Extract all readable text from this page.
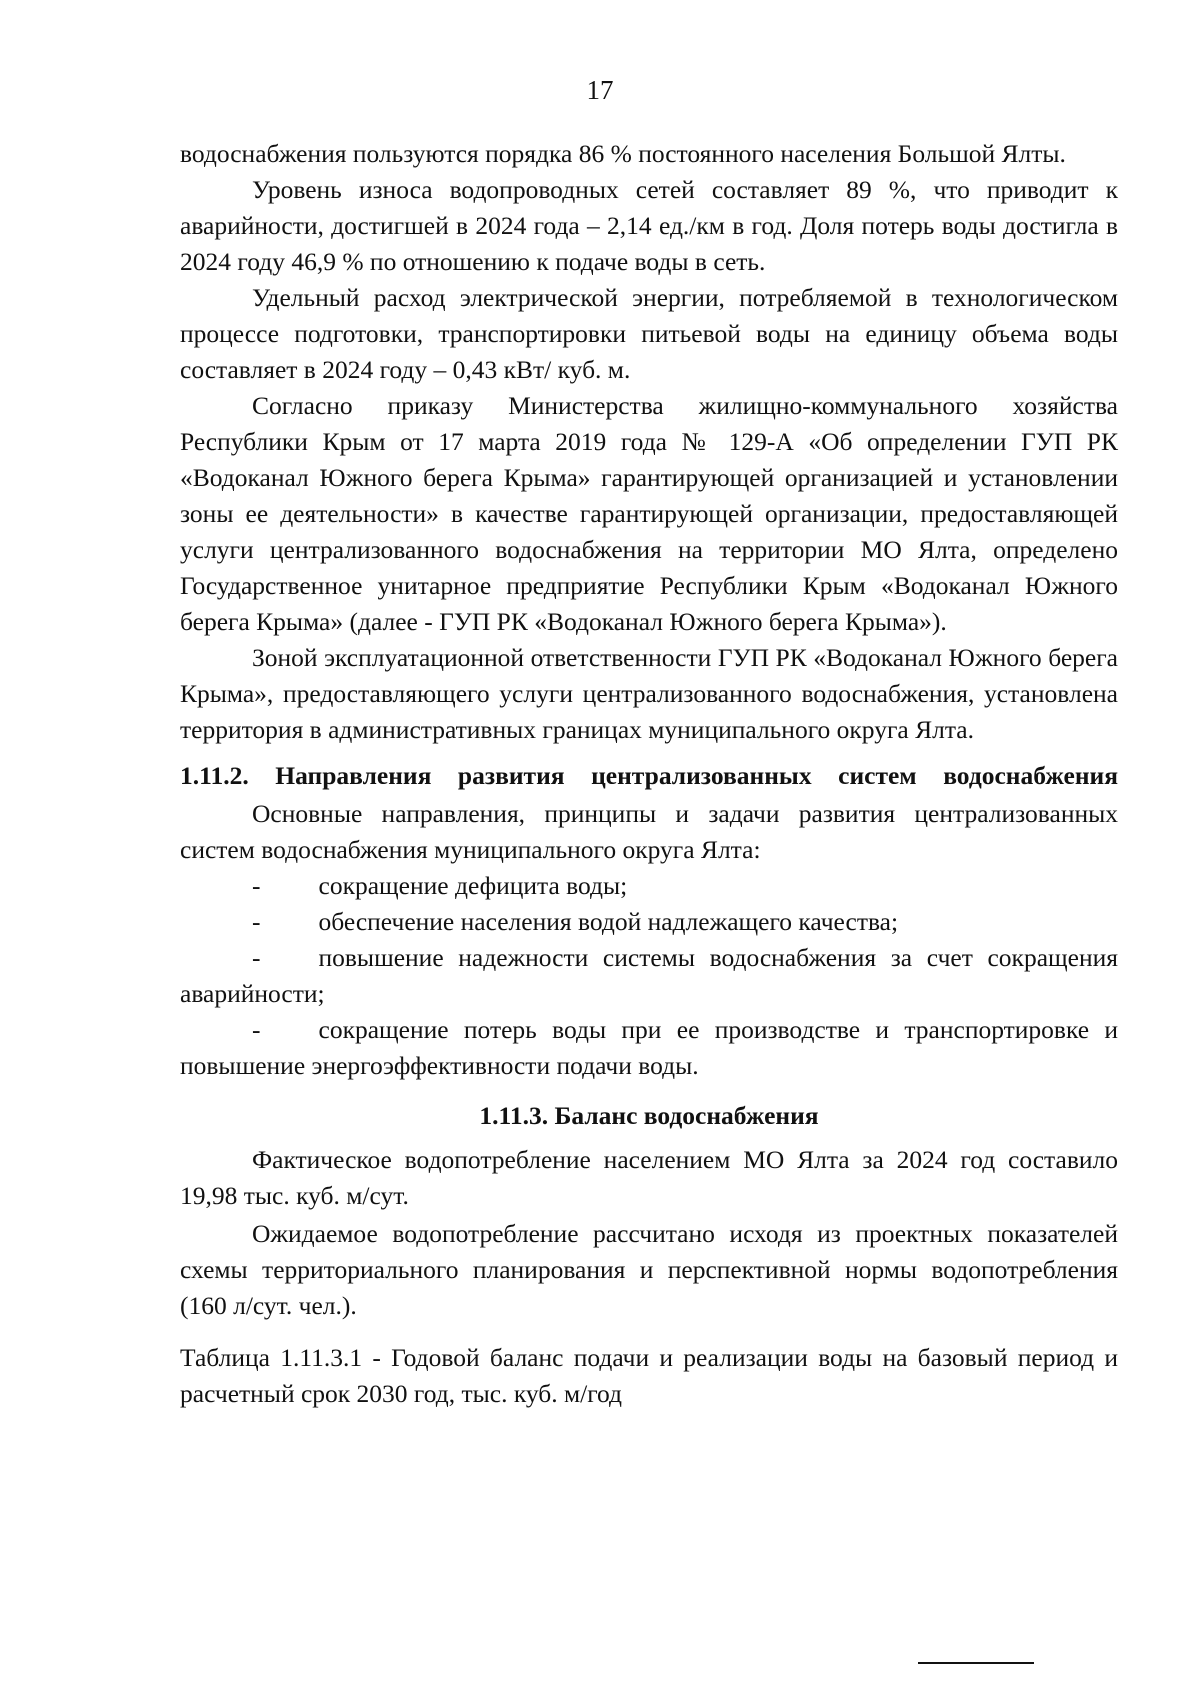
17

водоснабжения пользуются порядка 86 % постоянного населения Большой Ялты.

Уровень износа водопроводных сетей составляет 89 %, что приводит к аварийности, достигшей в 2024 года – 2,14 ед./км в год. Доля потерь воды достигла в 2024 году 46,9 % по отношению к подаче воды в сеть.

Удельный расход электрической энергии, потребляемой в технологическом процессе подготовки, транспортировки питьевой воды на единицу объема воды составляет в 2024 году – 0,43 кВт/ куб. м.

Согласно приказу Министерства жилищно-коммунального хозяйства Республики Крым от 17 марта 2019 года № 129-А «Об определении ГУП РК «Водоканал Южного берега Крыма» гарантирующей организацией и установлении зоны ее деятельности» в качестве гарантирующей организации, предоставляющей услуги централизованного водоснабжения на территории МО Ялта, определено Государственное унитарное предприятие Республики Крым «Водоканал Южного берега Крыма» (далее - ГУП РК «Водоканал Южного берега Крыма»).

Зоной эксплуатационной ответственности ГУП РК «Водоканал Южного берега Крыма», предоставляющего услуги централизованного водоснабжения, установлена территория в административных границах муниципального округа Ялта.

1.11.2. Направления развития централизованных систем водоснабжения

Основные направления, принципы и задачи развития централизованных систем водоснабжения муниципального округа Ялта:

- сокращение дефицита воды;

- обеспечение населения водой надлежащего качества;

- повышение надежности системы водоснабжения за счет сокращения аварийности;

- сокращение потерь воды при ее производстве и транспортировке и повышение энергоэффективности подачи воды.

1.11.3. Баланс водоснабжения

Фактическое водопотребление населением МО Ялта за 2024 год составило 19,98 тыс. куб. м/сут.

Ожидаемое водопотребление рассчитано исходя из проектных показателей схемы территориального планирования и перспективной нормы водопотребления (160 л/сут. чел.).

Таблица 1.11.3.1 - Годовой баланс подачи и реализации воды на базовый период и расчетный срок 2030 год, тыс. куб. м/год
